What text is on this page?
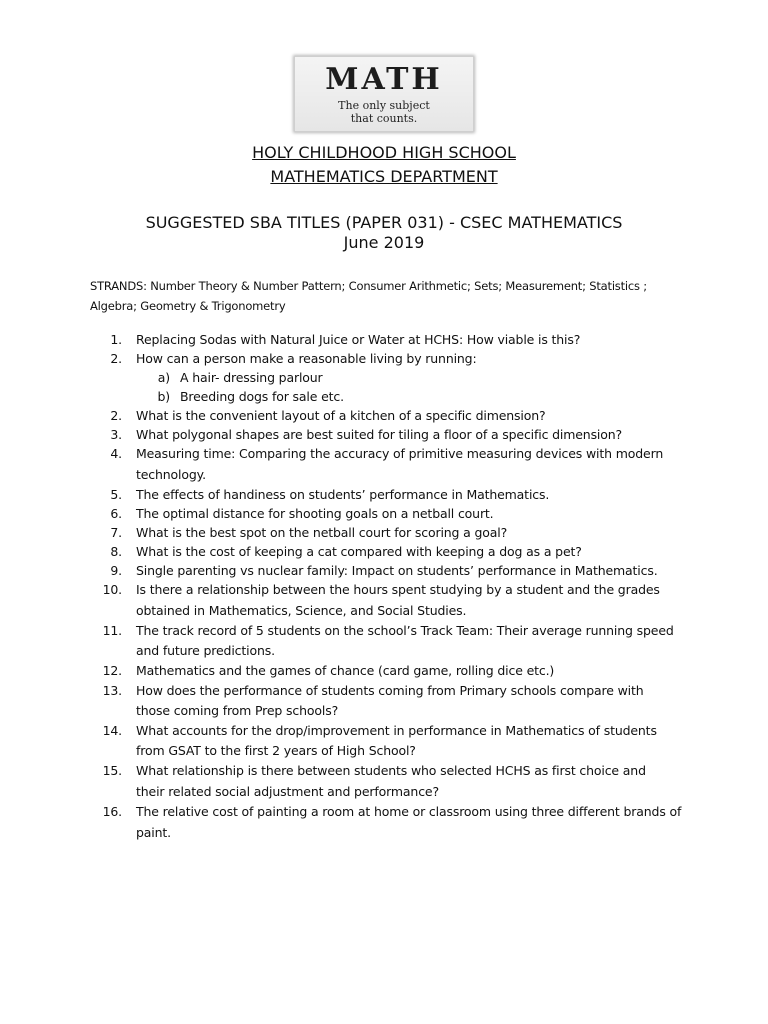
MATH
The only subject
that counts.
HOLY CHILDHOOD HIGH SCHOOL
MATHEMATICS DEPARTMENT
SUGGESTED SBA TITLES (PAPER 031) - CSEC MATHEMATICS
June 2019
STRANDS: Number Theory & Number Pattern; Consumer Arithmetic; Sets; Measurement; Statistics ;
Algebra; Geometry & Trigonometry
1. Replacing Sodas with Natural Juice or Water at HCHS: How viable is this?
2. How can a person make a reasonable living by running:
a) A hair- dressing parlour
b) Breeding dogs for sale etc.
2. What is the convenient layout of a kitchen of a specific dimension?
3. What polygonal shapes are best suited for tiling a floor of a specific dimension?
4. Measuring time: Comparing the accuracy of primitive measuring devices with modern
technology.
5. The effects of handiness on students’ performance in Mathematics.
6. The optimal distance for shooting goals on a netball court.
7. What is the best spot on the netball court for scoring a goal?
8. What is the cost of keeping a cat compared with keeping a dog as a pet?
9. Single parenting vs nuclear family: Impact on students’ performance in Mathematics.
10. Is there a relationship between the hours spent studying by a student and the grades
obtained in Mathematics, Science, and Social Studies.
11. The track record of 5 students on the school’s Track Team: Their average running speed
and future predictions.
12. Mathematics and the games of chance (card game, rolling dice etc.)
13. How does the performance of students coming from Primary schools compare with
those coming from Prep schools?
14. What accounts for the drop/improvement in performance in Mathematics of students
from GSAT to the first 2 years of High School?
15. What relationship is there between students who selected HCHS as first choice and
their related social adjustment and performance?
16. The relative cost of painting a room at home or classroom using three different brands of
paint.
